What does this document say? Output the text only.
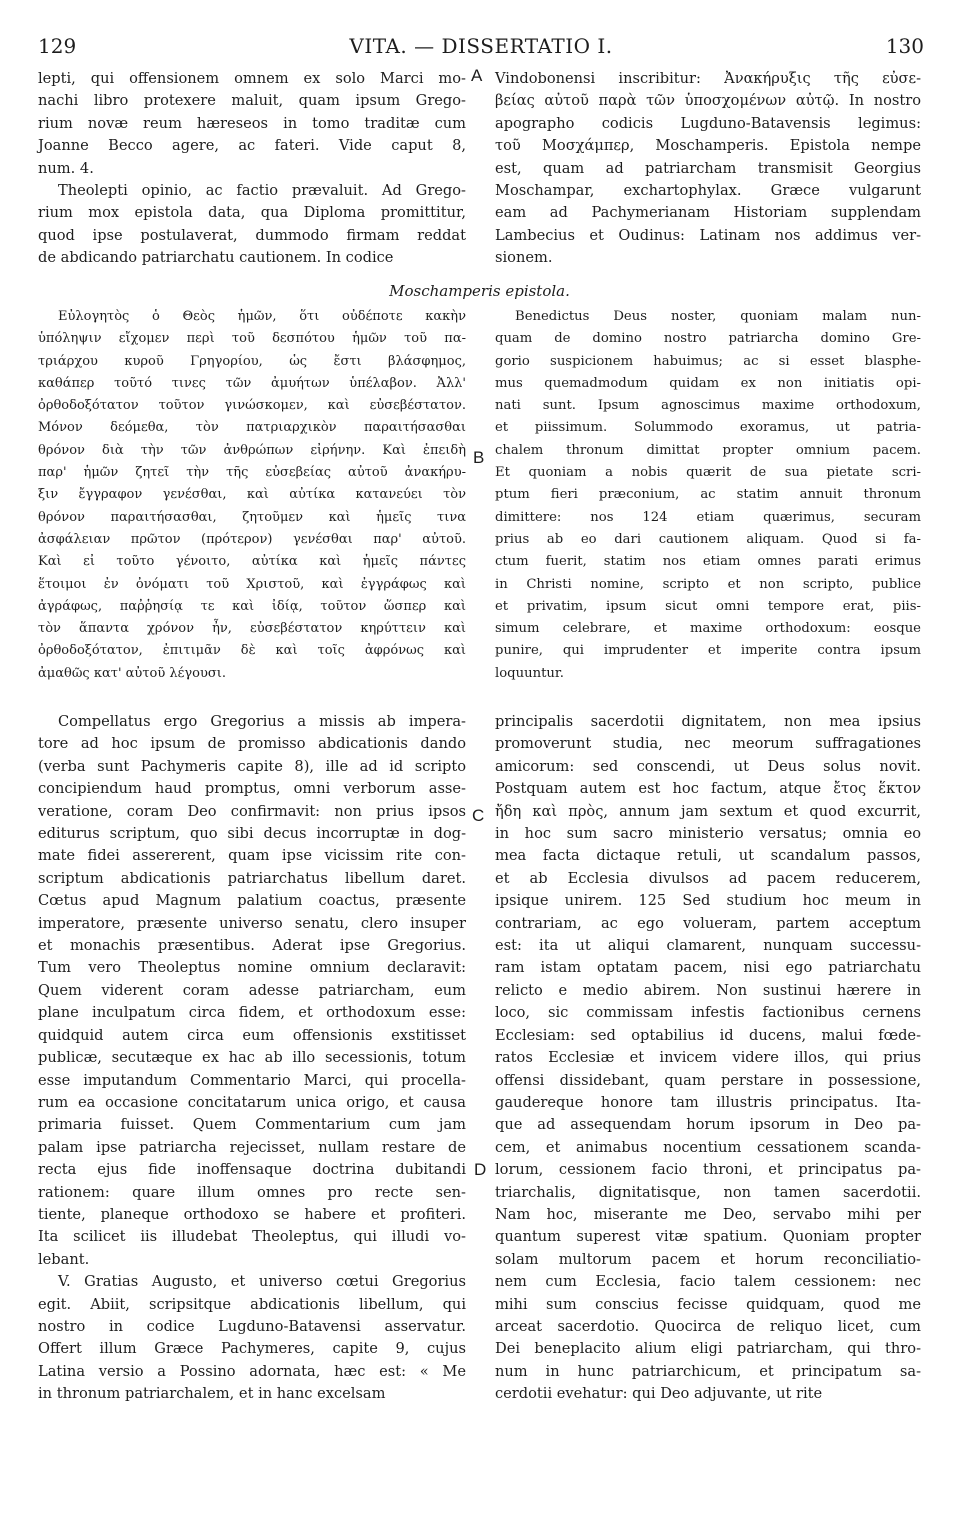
129	VITA. — DISSERTATIO I.	130

lepti, qui offensionem omnem ex solo Marci mo-

nachi libro protexere maluit, quam ipsum Grego-

rium novæ reum hæreseos in tomo traditæ cum

Joanne Becco agere, ac fateri. Vide caput 8,

num. 4.

Theolepti opinio, ac factio prævaluit. Ad Grego-

rium mox epistola data, qua Diploma promittitur,

quod ipse postulaverat, dummodo firmam reddat

de abdicando patriarchatu cautionem. In codice

Vindobonensi inscribitur: Ἀνακήρυξις τῆς εὐσε-

βείας αὐτοῦ παρὰ τῶν ὑποσχομένων αὐτῷ. In nostro

apographo codicis Lugduno-Batavensis legimus:

τοῦ Μοσχάμπερ, Moschamperis. Epistola nempe

est, quam ad patriarcham transmisit Georgius

Moschampar, exchartophylax. Græce vulgarunt

eam ad Pachymerianam Historiam supplendam

Lambecius et Oudinus: Latinam nos addimus ver-

sionem.

Moschamperis epistola.

Εὐλογητὸς ὁ Θεὸς ἡμῶν, ὅτι οὐδέποτε κακὴν

ὑπόληψιν εἴχομεν περὶ τοῦ δεσπότου ἡμῶν τοῦ πα-

τριάρχου κυροῦ Γρηγορίου, ὡς ἔστι βλάσφημος,

καθάπερ τοῦτό τινες τῶν ἀμυήτων ὑπέλαβον. Ἀλλ'

ὀρθοδοξότατον τοῦτον γινώσκομεν, καὶ εὐσεβέστατον.

Μόνον δεόμεθα, τὸν πατριαρχικὸν παραιτήσασθαι

θρόνον διὰ τὴν τῶν ἀνθρώπων εἰρήνην. Καὶ ἐπειδὴ

παρ' ἡμῶν ζητεῖ τὴν τῆς εὐσεβείας αὐτοῦ ἀνακήρυ-

ξιν ἔγγραφον γενέσθαι, καὶ αὐτίκα κατανεύει τὸν

θρόνον παραιτήσασθαι, ζητοῦμεν καὶ ἡμεῖς τινα

ἀσφάλειαν πρῶτον (πρότερον) γενέσθαι παρ' αὐτοῦ.

Καὶ εἰ τοῦτο γένοιτο, αὐτίκα καὶ ἡμεῖς πάντες

ἕτοιμοι ἐν ὀνόματι τοῦ Χριστοῦ, καὶ ἐγγράφως καὶ

ἀγράφως, παῤῥησίᾳ τε καὶ ἰδίᾳ, τοῦτον ὥσπερ καὶ

τὸν ἅπαντα χρόνον ἦν, εὐσεβέστατον κηρύττειν καὶ

ὀρθοδοξότατον, ἐπιτιμᾶν δὲ καὶ τοῖς ἀφρόνως καὶ

ἀμαθῶς κατ' αὐτοῦ λέγουσι.

Benedictus Deus noster, quoniam malam nun-

quam de domino nostro patriarcha domino Gre-

gorio suspicionem habuimus; ac si esset blasphe-

mus quemadmodum quidam ex non initiatis opi-

nati sunt. Ipsum agnoscimus maxime orthodoxum,

et piissimum. Solummodo exoramus, ut patria-

chalem thronum dimittat propter omnium pacem.

Et quoniam a nobis quærit de sua pietate scri-

ptum fieri præconium, ac statim annuit thronum

dimittere: nos 124 etiam quærimus, securam

prius ab eo dari cautionem aliquam. Quod si fa-

ctum fuerit, statim nos etiam omnes parati erimus

in Christi nomine, scripto et non scripto, publice

et privatim, ipsum sicut omni tempore erat, piis-

simum celebrare, et maxime orthodoxum: eosque

punire, qui imprudenter et imperite contra ipsum

loquuntur.

Compellatus ergo Gregorius a missis ab impera-

tore ad hoc ipsum de promisso abdicationis dando

(verba sunt Pachymeris capite 8), ille ad id scripto

concipiendum haud promptus, omni verborum asse-

veratione, coram Deo confirmavit: non prius ipsos

editurus scriptum, quo sibi decus incorruptæ in dog-

mate fidei assererent, quam ipse vicissim rite con-

scriptum abdicationis patriarchatus libellum daret.

Cœtus apud Magnum palatium coactus, præsente

imperatore, præsente universo senatu, clero insuper

et monachis præsentibus. Aderat ipse Gregorius.

Tum vero Theoleptus nomine omnium declaravit:

Quem viderent coram adesse patriarcham, eum

plane inculpatum circa fidem, et orthodoxum esse:

quidquid autem circa eum offensionis exstitisset

publicæ, secutæque ex hac ab illo secessionis, totum

esse imputandum Commentario Marci, qui procella-

rum ea occasione concitatarum unica origo, et causa

primaria fuisset. Quem Commentarium cum jam

palam ipse patriarcha rejecisset, nullam restare de

recta ejus fide inoffensaque doctrina dubitandi

rationem: quare illum omnes pro recte sen-

tiente, planeque orthodoxo se habere et profiteri.

Ita scilicet iis illudebat Theoleptus, qui illudi vo-

lebant.

V. Gratias Augusto, et universo cœtui Gregorius

egit. Abiit, scripsitque abdicationis libellum, qui

nostro in codice Lugduno-Batavensi asservatur.

Offert illum Græce Pachymeres, capite 9, cujus

Latina versio a Possino adornata, hæc est: « Me

in thronum patriarchalem, et in hanc excelsam

principalis sacerdotii dignitatem, non mea ipsius

promoverunt studia, nec meorum suffragationes

amicorum: sed conscendi, ut Deus solus novit.

Postquam autem est hoc factum, atque ἔτος ἕκτον

ἤδη καὶ πρὸς, annum jam sextum et quod excurrit,

in hoc sum sacro ministerio versatus; omnia eo

mea facta dictaque retuli, ut scandalum passos,

et ab Ecclesia divulsos ad pacem reducerem,

ipsique unirem. 125 Sed studium hoc meum in

contrariam, ac ego volueram, partem acceptum

est: ita ut aliqui clamarent, nunquam successu-

ram istam optatam pacem, nisi ego patriarchatu

relicto e medio abirem. Non sustinui hærere in

loco, sic commissam infestis factionibus cernens

Ecclesiam: sed optabilius id ducens, malui fœde-

ratos Ecclesiæ et invicem videre illos, qui prius

offensi dissidebant, quam perstare in possessione,

gaudereque honore tam illustris principatus. Ita-

que ad assequendam horum ipsorum in Deo pa-

cem, et animabus nocentium cessationem scanda-

lorum, cessionem facio throni, et principatus pa-

triarchalis, dignitatisque, non tamen sacerdotii.

Nam hoc, miserante me Deo, servabo mihi per

quantum superest vitæ spatium. Quoniam propter

solam multorum pacem et horum reconciliatio-

nem cum Ecclesia, facio talem cessionem: nec

mihi sum conscius fecisse quidquam, quod me

arceat sacerdotio. Quocirca de reliquo licet, cum

Dei beneplacito alium eligi patriarcham, qui thro-

num in hunc patriarchicum, et principatum sa-

cerdotii evehatur: qui Deo adjuvante, ut rite

A
B
C
D
